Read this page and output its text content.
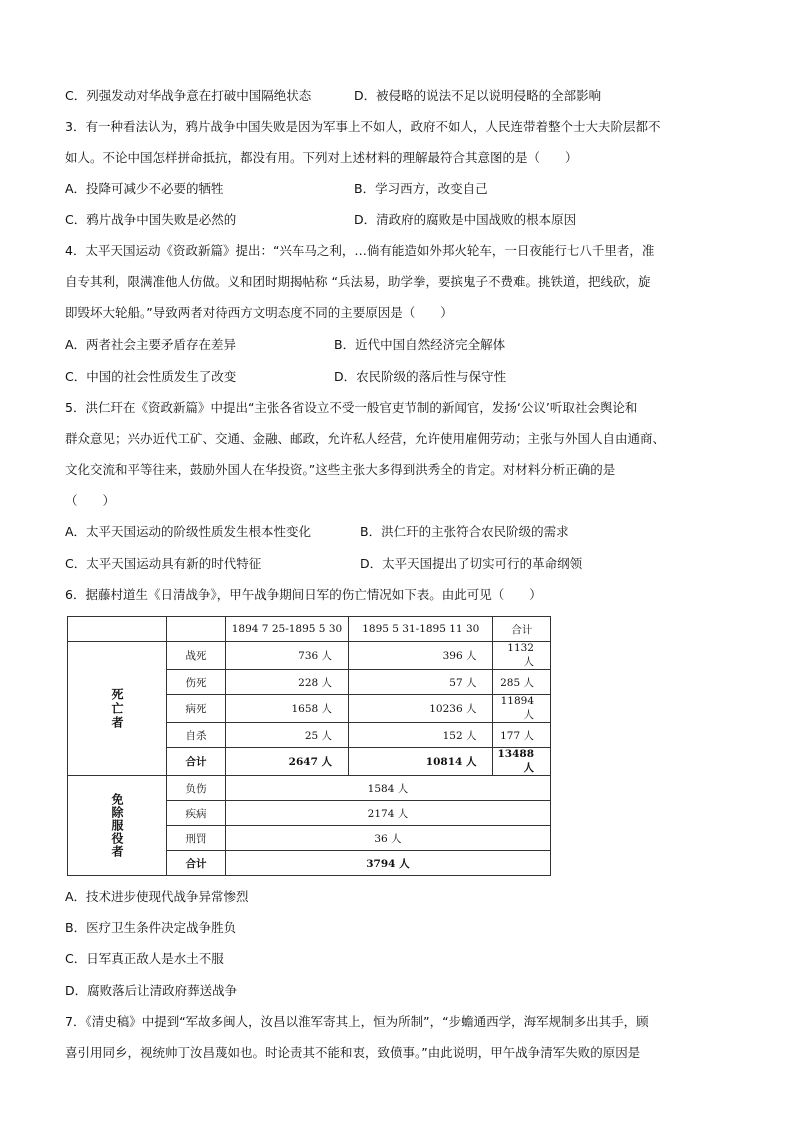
C．列强发动对华战争意在打破中国隔绝状态	D．被侵略的说法不足以说明侵略的全部影响
3．有一种看法认为，鸦片战争中国失败是因为军事上不如人，政府不如人，人民连带着整个士大夫阶层都不
如人。不论中国怎样拼命抵抗，都没有用。下列对上述材料的理解最符合其意图的是（　　）
A．投降可减少不必要的牺牲	B．学习西方，改变自己
C．鸦片战争中国失败是必然的	D．清政府的腐败是中国战败的根本原因
4．太平天国运动《资政新篇》提出：“兴车马之利，…倘有能造如外邦火轮车，一日夜能行七八千里者，准
自专其利，限满准他人仿做。义和团时期揭帖称 “兵法易，助学拳，要摈鬼子不费难。挑铁道，把线砍，旋
即毁坏大轮船。”导致两者对待西方文明态度不同的主要原因是（　　）
A．两者社会主要矛盾存在差异	B．近代中国自然经济完全解体
C．中国的社会性质发生了改变	D．农民阶级的落后性与保守性
5．洪仁玕在《资政新篇》中提出“主张各省设立不受一般官吏节制的新闻官，发扬‘公议’听取社会舆论和
群众意见；兴办近代工矿、交通、金融、邮政，允许私人经营，允许使用雇佣劳动；主张与外国人自由通商、
文化交流和平等往来，鼓励外国人在华投资。”这些主张大多得到洪秀全的肯定。对材料分析正确的是
（　　）
A．太平天国运动的阶级性质发生根本性变化	B．洪仁玕的主张符合农民阶级的需求
C．太平天国运动具有新的时代特征	D．太平天国提出了切实可行的革命纲领
6．据藤村道生《日清战争》，甲午战争期间日军的伤亡情况如下表。由此可见（　　）
		1894 7 25-1895 5 30	1895 5 31-1895 11 30	合计
死亡者	战死	736 人	396 人	1132 人
	伤死	228 人	57 人	285 人
	病死	1658 人	10236 人	11894 人
	自杀	25 人	152 人	177 人
	合计	2647 人	10814 人	13488 人
免除服役者	负伤	1584 人		
	疾病	2174 人		
	刑罚	36 人		
	合计	3794 人		
A．技术进步使现代战争异常惨烈
B．医疗卫生条件决定战争胜负
C．日军真正敌人是水土不服
D．腐败落后让清政府葬送战争
7．《清史稿》中提到“军故多闽人，汝昌以淮军寄其上，恒为所制”，“步蟾通西学，海军规制多出其手，顾
喜引用同乡，视统帅丁汝昌蔑如也。时论责其不能和衷，致偾事。”由此说明，甲午战争清军失败的原因是
